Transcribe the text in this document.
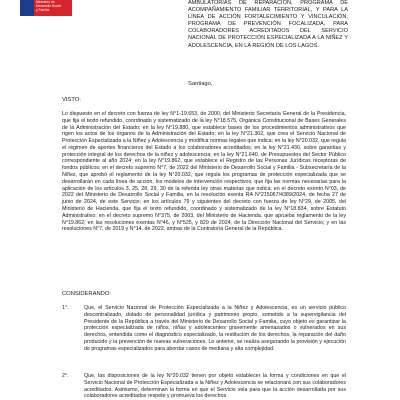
Ministerio de
Desarrollo Social
y Familia
AMBULATORIAS DE REPARACIÓN, PROGRAMA DE ACOMPAÑAMIENTO FAMILIAR TERRITORIAL, Y PARA LA LÍNEA DE ACCIÓN FORTALECIMIENTO Y VINCULACIÓN, PROGRAMA DE PREVENCIÓN FOCALIZADA, PARA COLABORADORES ACREDITADOS DEL SERVICIO NACIONAL DE PROTECCIÓN ESPECIALIZADA A LA NIÑEZ Y ADOLESCENCIA, EN LA REGIÓN DE LOS LAGOS.
Santiago,
VISTO:

Lo dispuesto en el decreto con fuerza de ley N°1-19.653, de 2000, del Ministerio Secretaría General de la Presidencia, que fija el texto refundido, coordinado y sistematizado de la ley N°18.575, Orgánica Constitucional de Bases Generales de la Administración del Estado; en la ley N°19.880, que establece bases de los procedimientos administrativos que rigen los actos de los órganos de la Administración del Estado; en la ley N°21.302, que crea el Servicio Nacional de Protección Especializada a la Niñez y Adolescencia y modifica normas legales que indica; en la ley N°20.032, que regula el régimen de aportes financieros del Estado a los colaboradores acreditados; en la ley N°21.430, sobre garantías y protección integral de los derechos de la niñez y adolescencia; en la ley N°21.640, de Presupuestos del Sector Público correspondiente al año 2024; en la ley N°19.862, que establece el Registro de las Personas Jurídicas receptoras de fondos públicos; en el decreto supremo N°7, de 2022 del Ministerio de Desarrollo Social y Familia - Subsecretaría de la Niñez, que aprobó el reglamento de la ley N°20.032, que regula los programas de protección especializada que se desarrollarán en cada línea de acción, los modelos de intervención respectivos, que fija las normas necesarias para la aplicación de los artículos 3, 25, 28, 29, 30 de la referida ley otras materias que indica; en el decreto exento N°03, de 2022 del Ministerio de Desarrollo Social y Familia, en la resolución exenta RA N°215067/4389/2024, de fecha 27 de junio de 2024, de este Servicio; en los artículos 79 y siguientes del decreto con fuerza de ley N°29, de 2005, del Ministerio de Hacienda, que fija el texto refundido, coordinado y sistematizado de la ley N°18.834, sobre Estatuto Administrativo; en el decreto supremo N°375, de 2003, del Ministerio de Hacienda, que aprueba reglamento de la ley N°19.862; en las resoluciones exentas N°46, y N°525, y 829 de 2024, de la Dirección Nacional del Servicio; y en las resoluciones N°7, de 2019 y N°14, de 2022, ambas de la Contraloría General de la República.

CONSIDERANDO:
1°.	Que, el Servicio Nacional de Protección Especializada a la Niñez y Adolescencia, es un servicio público descentralizado, dotado de personalidad jurídica y patrimonio propio, sometido a la supervigilancia del Presidente de la República a través del Ministerio de Desarrollo Social y Familia, cuyo objeto es garantizar la protección especializada de niños, niñas y adolescentes gravemente amenazados o vulnerados en sus derechos, entendida como el diagnóstico especializado, la restitución de los derechos, la reparación del daño producido y la prevención de nuevas vulneraciones. Lo anterior, se realiza asegurando la provisión y ejecución de programas especializados para abordar casos de mediana y alta complejidad.
2°.	Que, las disposiciones de la ley N°20.032 tienen por objeto establecer la forma y condiciones en que el Servicio Nacional de Protección Especializada a la Niñez y Adolescencia se relacionará con sus colaboradores acreditados. Asimismo, determinan la forma en que el Servicio vela para que la acción desarrollada por sus colaboradores acreditados respete y promueva los derechos
